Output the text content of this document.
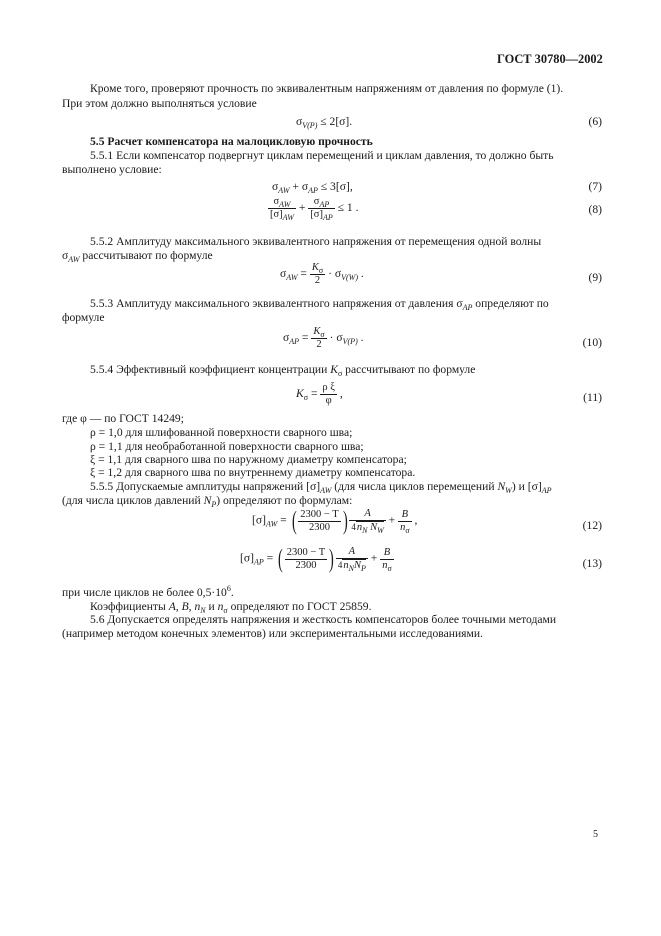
ГОСТ 30780—2002
Кроме того, проверяют прочность по эквивалентным напряжениям от давления по формуле (1).
При этом должно выполняться условие
$\sigma_{V(P)} \le 2[\sigma]$.	(6)
5.5 Расчет компенсатора на малоцикловую прочность
5.5.1 Если компенсатор подвергнут циклам перемещений и циклам давления, то должно быть
выполнено условие:
$\sigma_{AW} + \sigma_{AP} \le 3[\sigma]$,	(7)
$\frac{\sigma_{AW}}{[\sigma]_{AW}} + \frac{\sigma_{AP}}{[\sigma]_{AP}} \le 1$ .	(8)
5.5.2 Амплитуду максимального эквивалентного напряжения от перемещения одной волны
$\sigma_{AW}$ рассчитывают по формуле
$\sigma_{AW} = \frac{K_\sigma}{2} \cdot \sigma_{V(W)}$ .	(9)
5.5.3 Амплитуду максимального эквивалентного напряжения от давления $\sigma_{AP}$ определяют по
формуле
$\sigma_{AP} = \frac{K_\sigma}{2} \cdot \sigma_{V(P)}$ .	(10)
5.5.4 Эффективный коэффициент концентрации $K_\sigma$ рассчитывают по формуле
$K_\sigma = \frac{\text{ρ ξ}}{\varphi}$ ,	(11)
где φ — по ГОСТ 14249;
ρ = 1,0 для шлифованной поверхности сварного шва;
ρ = 1,1 для необработанной поверхности сварного шва;
ξ = 1,1 для сварного шва по наружному диаметру компенсатора;
ξ = 1,2 для сварного шва по внутреннему диаметру компенсатора.
5.5.5 Допускаемые амплитуды напряжений $[\sigma]_{AW}$ (для числа циклов перемещений $N_W$) и $[\sigma]_{AP}$
(для числа циклов давлений $N_P$) определяют по формулам:
$[\sigma]_{AW}$ = ( $\frac{2300 - T}{2300}$ ) $\frac{A}{4n_N N_W} + \frac{B}{n_\sigma}$ ,	(12)
$[\sigma]_{AP}$ = ( $\frac{2300 - T}{2300}$ ) $\frac{A}{4n_NN_P} + \frac{B}{n_\sigma}$	(13)
при числе циклов не более $0,5\cdot 10^6$.
Коэффициенты A, B, $n_N$ и $n_\sigma$ определяют по ГОСТ 25859.
5.6 Допускается определять напряжения и жесткость компенсаторов более точными методами
(например методом конечных элементов) или экспериментальными исследованиями.
5
